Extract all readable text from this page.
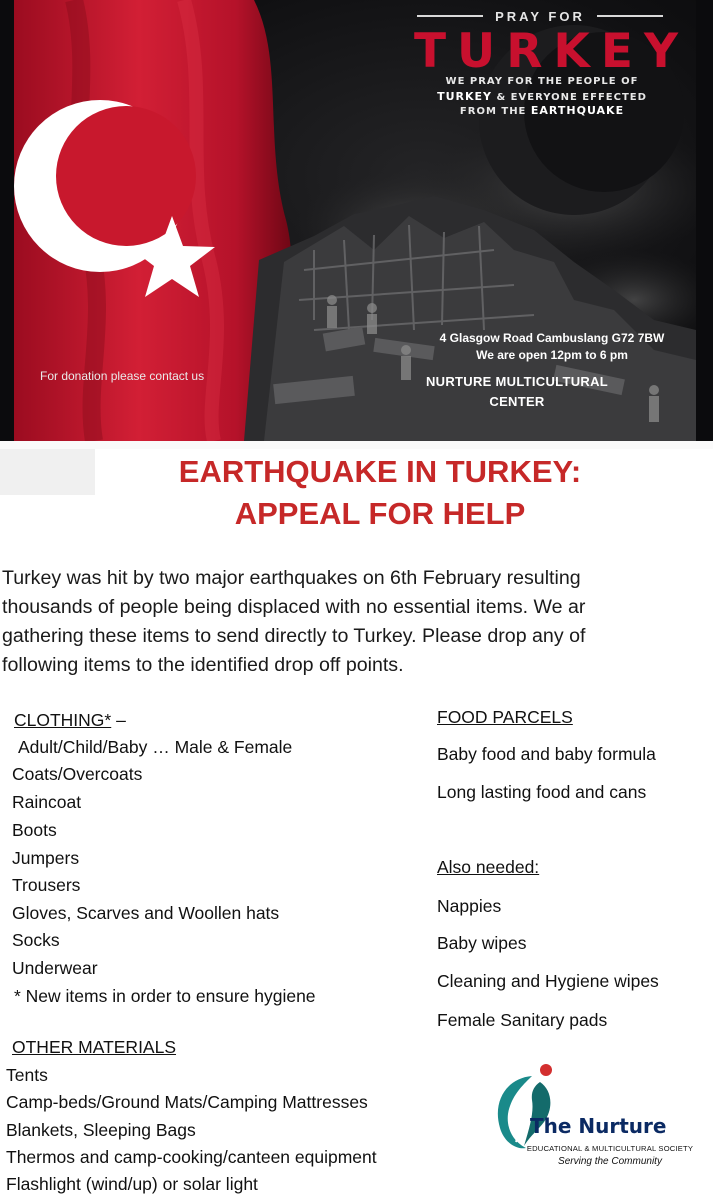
PRAY FOR
TURKEY
WE PRAY FOR THE PEOPLE OF
TURKEY & EVERYONE EFFECTED
FROM THE EARTHQUAKE
For donation please contact us
4 Glasgow Road Cambuslang G72 7BW
We are open 12pm to 6 pm
NURTURE MULTICULTURAL
CENTER
EARTHQUAKE IN TURKEY:
APPEAL FOR HELP
Turkey was hit by two major earthquakes on 6th February resulting
thousands of people being displaced with no essential items. We ar
gathering these items to send directly to Turkey. Please drop any of
following items to the identified drop off points.
CLOTHING* –
Adult/Child/Baby … Male & Female
Coats/Overcoats
Raincoat
Boots
Jumpers
Trousers
Gloves, Scarves and Woollen hats
Socks
Underwear
* New items in order to ensure hygiene
OTHER MATERIALS
Tents
Camp-beds/Ground Mats/Camping Mattresses
Blankets, Sleeping Bags
Thermos and camp-cooking/canteen equipment
Flashlight (wind/up) or solar light
FOOD PARCELS
Baby food and baby formula
Long lasting food and cans
Also needed:
Nappies
Baby wipes
Cleaning and Hygiene wipes
Female Sanitary pads
The Nurture
EDUCATIONAL & MULTICULTURAL SOCIETY
Serving the Community
